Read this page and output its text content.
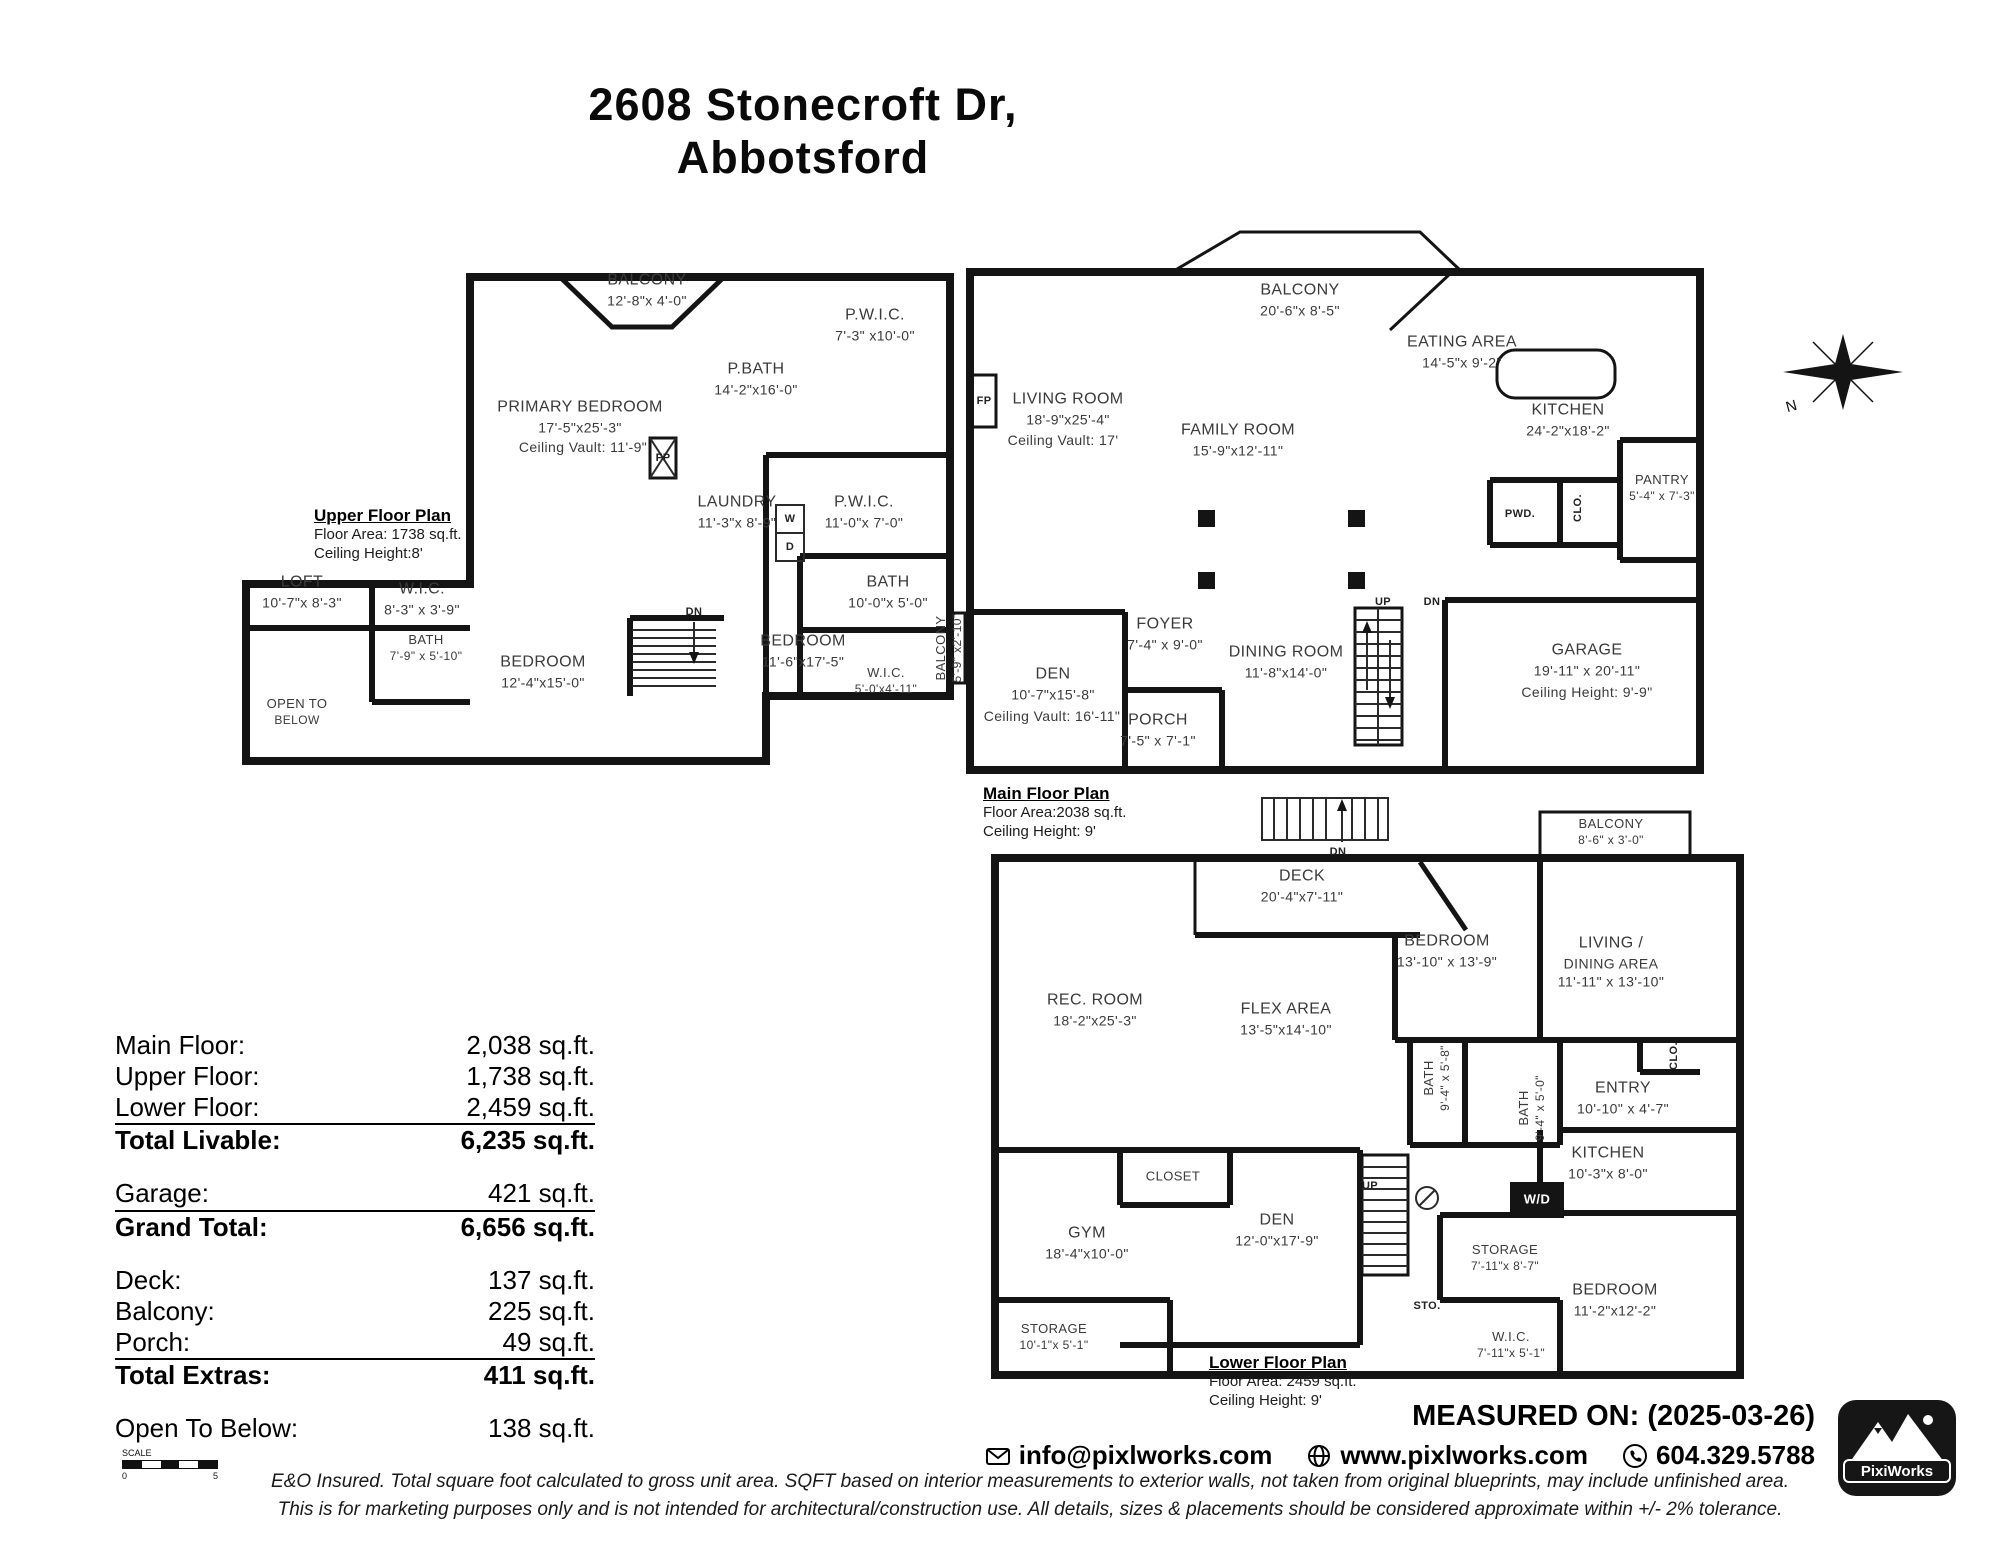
2608 Stonecroft Dr,
Abbotsford
N
Upper Floor Plan
Floor Area: 1738 sq.ft.
Ceiling Height:8'
Main Floor Plan
Floor Area:2038 sq.ft.
Ceiling Height: 9'
Lower Floor Plan
Floor Area: 2459 sq.ft.
Ceiling Height: 9'
Main Floor:	2,038 sq.ft.
Upper Floor:	1,738 sq.ft.
Lower Floor:	2,459 sq.ft.
Total Livable:	6,235 sq.ft.
Garage:	421 sq.ft.
Grand Total:	6,656 sq.ft.
Deck:	137 sq.ft.
Balcony:	225 sq.ft.
Porch:	49 sq.ft.
Total Extras:	411 sq.ft.
Open To Below:	138 sq.ft.	MEASURED ON: (2025-03-26)
info@pixlworks.com	www.pixlworks.com	604.329.5788
E&O Insured. Total square foot calculated to gross unit area. SQFT based on interior measurements to exterior walls, not taken from original blueprints, may include unfinished area.
This is for marketing purposes only and is not intended for architectural/construction use. All details, sizes & placements should be considered approximate within +/- 2% tolerance.
SCALE
0	5	PixiWorks
BALCONY
12'-8"x 4'-0"
P.W.I.C.
7'-3" x10'-0"
P.BATH
14'-2"x16'-0"
PRIMARY BEDROOM
17'-5"x25'-3"
Ceiling Vault: 11'-9"
LAUNDRY
11'-3"x 8'-9"
P.W.I.C.
11'-0"x 7'-0"
BATH
10'-0"x 5'-0"
LOFT
10'-7"x 8'-3"
W.I.C.
8'-3" x 3'-9"
BATH
7'-9" x 5'-10" BEDROOM
12'-4"x15'-0"
BEDROOM
11'-6"x17'-5"
W.I.C.
5'-0'x4'-11"
BALCONY 5'-9" x2'-10"
OPEN TO
BELOW
DN
W
D
FP
BALCONY
20'-6"x 8'-5"
EATING AREA
14'-5"x 9'-2"
KITCHEN
24'-2"x18'-2"
LIVING ROOM
18'-9"x25'-4"
Ceiling Vault: 17'
FAMILY ROOM
15'-9"x12'-11"
PANTRY
5'-4" x 7'-3"
PWD.	CLO.
FOYER
7'-4" x 9'-0"
DEN
10'-7"x15'-8"
Ceiling Vault: 16'-11"
DINING ROOM
11'-8"x14'-0"
PORCH
7'-5" x 7'-1"
GARAGE
19'-11" x 20'-11"
Ceiling Height: 9'-9"
UP	DN
FP
DECK
20'-4"x7'-11"
DN
BALCONY
8'-6" x 3'-0"
BEDROOM
13'-10" x 13'-9"
LIVING /
DINING AREA
11'-11" x 13'-10"
REC. ROOM
18'-2"x25'-3"
FLEX AREA
13'-5"x14'-10"
BATH 9'-4" x 5'-8"	BATH 9'-4" x 5'-0"	ENTRY
10'-10" x 4'-7"
CLO.
KITCHEN
10'-3"x 8'-0"
CLOSET
GYM
18'-4"x10'-0"
DEN
12'-0"x17'-9"
UP
W/D
STORAGE
7'-11"x 8'-7"
STO.
BEDROOM
11'-2"x12'-2"
W.I.C.
7'-11"x 5'-1"
STORAGE
10'-1"x 5'-1"
